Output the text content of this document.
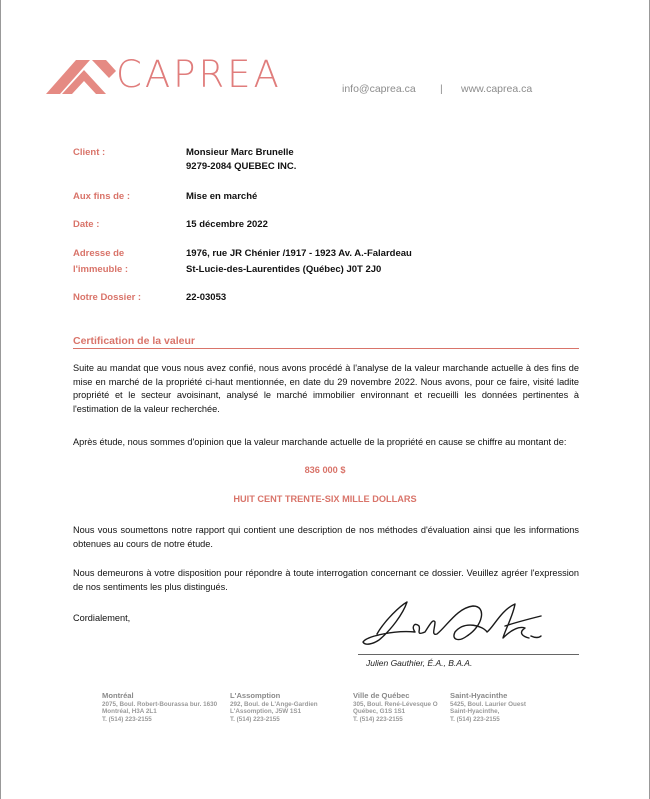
CAPREA	info@caprea.ca | www.caprea.ca
Client :	Monsieur Marc Brunelle
9279-2084 QUEBEC INC.
Aux fins de :	Mise en marché
Date :	15 décembre 2022
Adresse de
l'immeuble :
1976, rue JR Chénier /1917 - 1923 Av. A.-Falardeau
St-Lucie-des-Laurentides (Québec) J0T 2J0
Notre Dossier :	22-03053
Certification de la valeur
Suite au mandat que vous nous avez confié, nous avons procédé à l'analyse de la valeur marchande actuelle à des fins de mise en marché de la propriété ci-haut mentionnée, en date du 29 novembre 2022. Nous avons, pour ce faire, visité ladite propriété et le secteur avoisinant, analysé le marché immobilier environnant et recueilli les données pertinentes à l'estimation de la valeur recherchée.
Après étude, nous sommes d'opinion que la valeur marchande actuelle de la propriété en cause se chiffre au montant de:
836 000 $
HUIT CENT TRENTE-SIX MILLE DOLLARS
Nous vous soumettons notre rapport qui contient une description de nos méthodes d'évaluation ainsi que les informations obtenues au cours de notre étude.
Nous demeurons à votre disposition pour répondre à toute interrogation concernant ce dossier. Veuillez agréer l'expression de nos sentiments les plus distingués.
Cordialement,
Julien Gauthier, É.A., B.A.A.
Montréal
2075, Boul. Robert-Bourassa bur. 1630
Montréal, H3A 2L1
T. (514) 223-2155
L'Assomption
292, Boul. de L'Ange-Gardien
L'Assomption, J5W 1S1
T. (514) 223-2155
Ville de Québec
305, Boul. René-Lévesque O
Québec, G1S 1S1
T. (514) 223-2155
Saint-Hyacinthe
5425, Boul. Laurier Ouest
Saint-Hyacinthe,
T. (514) 223-2155
